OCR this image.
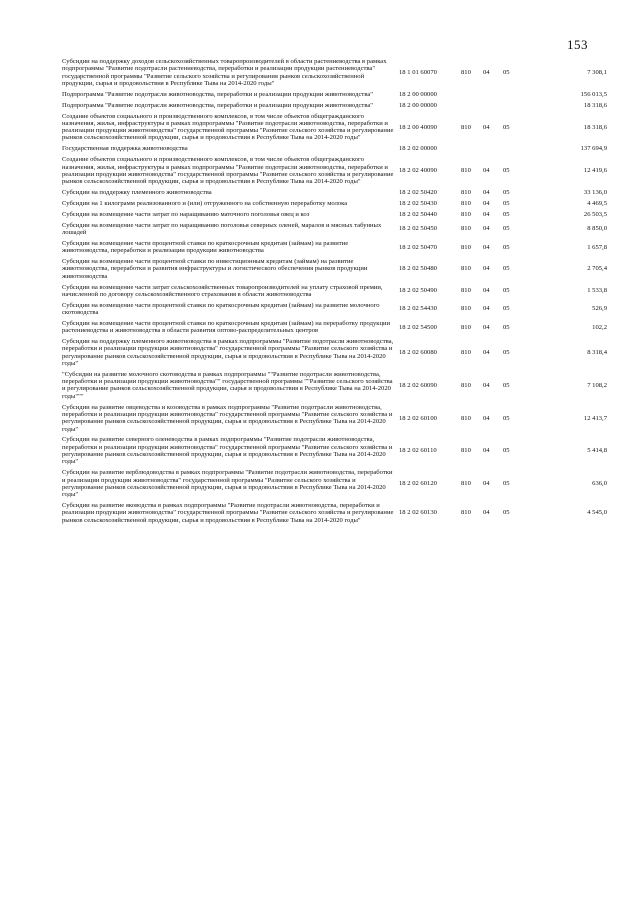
153
Субсидии на поддержку доходов сельскохозяйственных товаропроизводителей в области растениеводства в рамках подпрограммы "Развитие подотрасли растениеводства, переработки и реализации продукции растениеводства" государственной программы "Развитие сельского хозяйства и регулирования рынков сельскохозяйственной продукции, сырья и продовольствия в Республике Тыва на 2014-2020 годы"	18 1 01 60070	810	04	05	7 308,1
Подпрограмма "Развитие подотрасли животноводства, переработки и реализации продукции животноводства"	18 2 00 00000				156 013,5
Подпрограмма "Развитие подотрасли животноводства, переработки и реализации продукции животноводства"	18 2 00 00000				18 318,6
Создание объектов социального и производственного комплексов, в том числе объектов общегражданского назначения, жилья, инфраструктуры в рамках подпрограммы "Развитие подотрасли животноводства, переработки и реализации продукции животноводства" государственной программы "Развитие сельского хозяйства и регулирование рынков сельскохозяйственной продукции, сырья и продовольствия в Республике Тыва на 2014-2020 годы"	18 2 00 40090	810	04	05	18 318,6
Государственная поддержка животноводства	18 2 02 00000				137 694,9
Создание объектов социального и производственного комплексов, в том числе объектов общегражданского назначения, жилья, инфраструктуры в рамках подпрограммы "Развитие подотрасли животноводства, переработки и реализации продукции животноводства" государственной программы "Развитие сельского хозяйства и регулирование рынков сельскохозяйственной продукции, сырья и продовольствия в Республике Тыва на 2014-2020 годы"	18 2 02 40090	810	04	05	12 419,6
Субсидии на поддержку племенного животноводства	18 2 02 50420	810	04	05	33 136,0
Субсидии на 1 килограмм реализованного и (или) отгруженного на собственную переработку молока	18 2 02 50430	810	04	05	4 469,5
Субсидии на возмещение части затрат по наращиванию маточного поголовья овец и коз	18 2 02 50440	810	04	05	26 503,5
Субсидии на возмещение части затрат по наращиванию поголовья северных оленей, маралов и мясных табунных лошадей	18 2 02 50450	810	04	05	8 850,0
Субсидии на возмещение части процентной ставки по краткосрочным кредитам (займам) на развитие животноводства, переработки и реализации продукции животноводства	18 2 02 50470	810	04	05	1 657,8
Субсидии на возмещение части процентной ставки по инвестиционным кредитам (займам) на развитие животноводства, переработки и развития инфраструктуры и логистического обеспечения рынков продукции животноводства	18 2 02 50480	810	04	05	2 705,4
Субсидии на возмещение части затрат сельскохозяйственных товаропроизводителей на уплату страховой премии, начисленной по договору сельскохозяйственного страхования в области животноводства	18 2 02 50490	810	04	05	1 533,8
Субсидии на возмещение части процентной ставки по краткосрочным кредитам (займам) на развитие молочного скотоводства	18 2 02 54430	810	04	05	526,9
Субсидии на возмещение части процентной ставки по краткосрочным кредитам (займам) на переработку продукции растениеводства и животноводства в области развития оптово-распределительных центров	18 2 02 54500	810	04	05	102,2
Субсидии на поддержку племенного животноводства в рамках подпрограммы "Развитие подотрасли животноводства, переработки и реализации продукции животноводства" государственной программы "Развитие сельского хозяйства и регулирование рынков сельскохозяйственной продукции, сырья и продовольствия в Республике Тыва на 2014-2020 годы"	18 2 02 60080	810	04	05	8 318,4
"Субсидии на развитие молочного скотоводства в рамках подпрограммы ""Развитие подотрасли животноводства, переработки и реализации продукции животноводства"" государственной программы ""Развитие сельского хозяйства и регулирование рынков сельскохозяйственной продукции, сырья и продовольствия в Республике Тыва на 2014-2020 годы"""	18 2 02 60090	810	04	05	7 108,2
Субсидии на развитие овцеводства и козоводства в рамках подпрограммы "Развитие подотрасли животноводства, переработки и реализации продукции животноводства" государственной программы "Развитие сельского хозяйства и регулирование рынков сельскохозяйственной продукции, сырья и продовольствия в Республике Тыва на 2014-2020 годы"	18 2 02 60100	810	04	05	12 413,7
Субсидии на развитие северного оленеводства в рамках подпрограммы "Развитие подотрасли животноводства, переработки и реализации продукции животноводства" государственной программы "Развитие сельского хозяйства и регулирование рынков сельскохозяйственной продукции, сырья и продовольствия в Республике Тыва на 2014-2020 годы"	18 2 02 60110	810	04	05	5 414,8
Субсидии на развитие верблюдоводства в рамках подпрограммы "Развитие подотрасли животноводства, переработки и реализации продукции животноводства" государственной программы "Развитие сельского хозяйства и регулирование рынков сельскохозяйственной продукции, сырья и продовольствия в Республике Тыва на 2014-2020 годы"	18 2 02 60120	810	04	05	636,0
Субсидии на развитие яководства в рамках подпрограммы "Развитие подотрасли животноводства, переработки и реализации продукции животноводства" государственной программы "Развитие сельского хозяйства и регулирование рынков сельскохозяйственной продукции, сырья и продовольствия в Республике Тыва на 2014-2020 годы"	18 2 02 60130	810	04	05	4 545,0
